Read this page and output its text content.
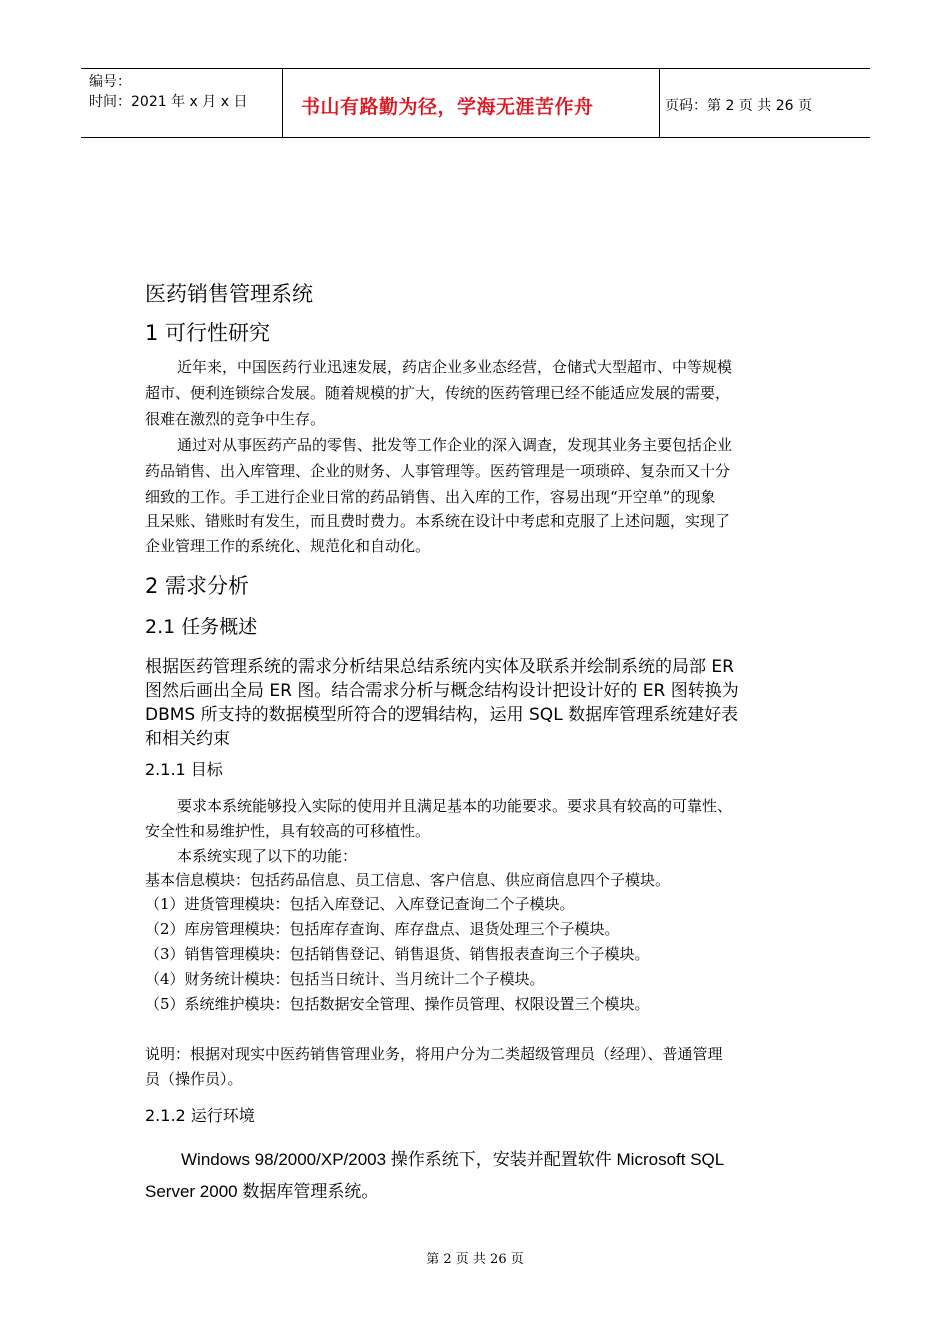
编号：
时间：2021 年 x 月 x 日	书山有路勤为径，学海无涯苦作舟	页码：第 2 页 共 26 页
医药销售管理系统
1 可行性研究
近年来，中国医药行业迅速发展，药店企业多业态经营，仓储式大型超市、中等规模
超市、便利连锁综合发展。随着规模的扩大，传统的医药管理已经不能适应发展的需要，
很难在激烈的竞争中生存。
通过对从事医药产品的零售、批发等工作企业的深入调查，发现其业务主要包括企业
药品销售、出入库管理、企业的财务、人事管理等。医药管理是一项琐碎、复杂而又十分
细致的工作。手工进行企业日常的药品销售、出入库的工作，容易出现“开空单”的现象
且呆账、错账时有发生，而且费时费力。本系统在设计中考虑和克服了上述问题，实现了
企业管理工作的系统化、规范化和自动化。
2 需求分析
2.1 任务概述
根据医药管理系统的需求分析结果总结系统内实体及联系并绘制系统的局部 ER
图然后画出全局 ER 图。结合需求分析与概念结构设计把设计好的 ER 图转换为
DBMS 所支持的数据模型所符合的逻辑结构，运用 SQL 数据库管理系统建好表
和相关约束
2.1.1 目标
要求本系统能够投入实际的使用并且满足基本的功能要求。要求具有较高的可靠性、
安全性和易维护性，具有较高的可移植性。
本系统实现了以下的功能：
基本信息模块：包括药品信息、员工信息、客户信息、供应商信息四个子模块。
（1）进货管理模块：包括入库登记、入库登记查询二个子模块。
（2）库房管理模块：包括库存查询、库存盘点、退货处理三个子模块。
（3）销售管理模块：包括销售登记、销售退货、销售报表查询三个子模块。
（4）财务统计模块：包括当日统计、当月统计二个子模块。
（5）系统维护模块：包括数据安全管理、操作员管理、权限设置三个模块。
说明：根据对现实中医药销售管理业务，将用户分为二类超级管理员（经理）、普通管理
员（操作员）。
2.1.2 运行环境
Windows 98/2000/XP/2003 操作系统下，安装并配置软件 Microsoft SQL
Server 2000 数据库管理系统。
第 2 页 共 26 页
